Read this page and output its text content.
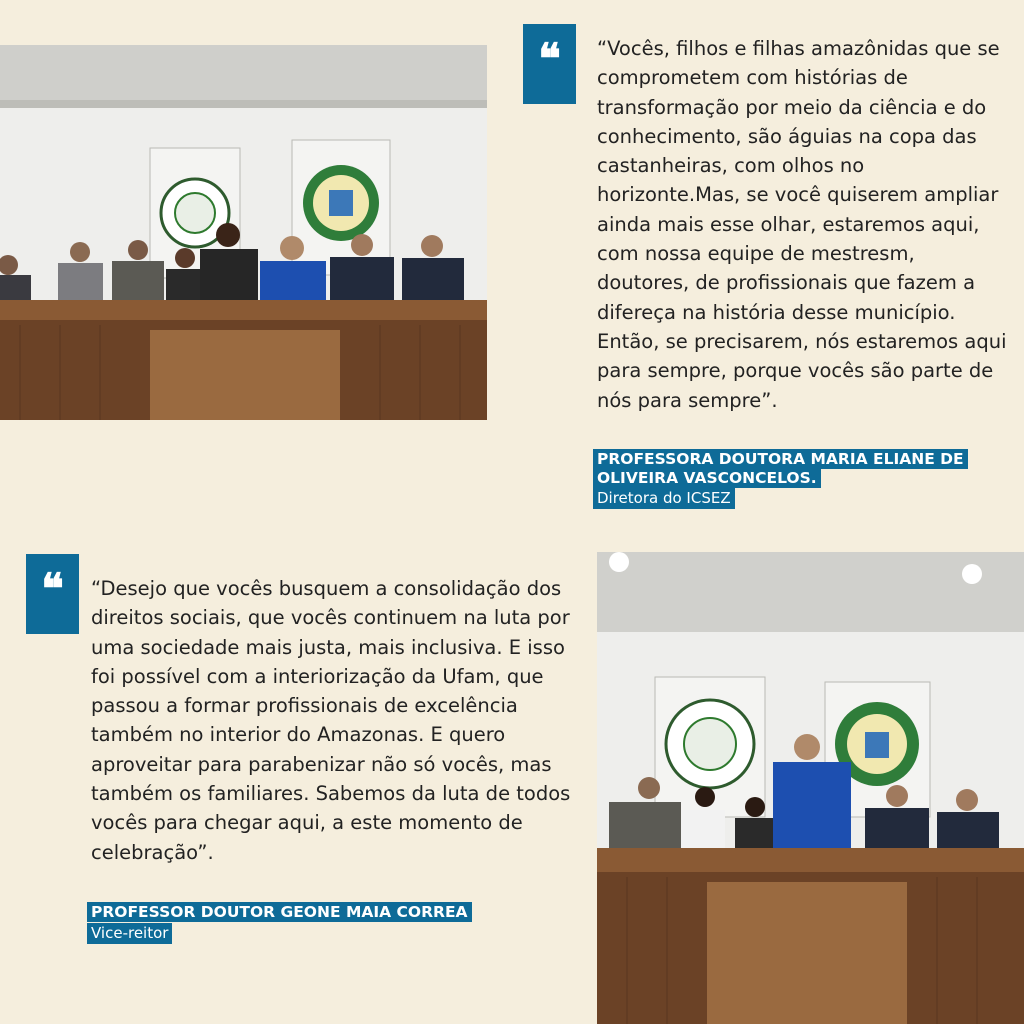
❝	“Vocês, filhos e filhas amazônidas que se comprometem com histórias de transformação por meio da ciência e do conhecimento, são águias na copa das castanheiras, com olhos no horizonte.Mas, se você quiserem ampliar ainda mais esse olhar, estaremos aqui, com nossa equipe de mestresm, doutores, de profissionais que fazem a difereça na história desse município. Então, se precisarem, nós estaremos aqui para sempre, porque vocês são parte de nós para sempre”.

PROFESSORA DOUTORA MARIA ELIANE DE OLIVEIRA VASCONCELOS.

Diretora do ICSEZ
❝	“Desejo que vocês busquem a consolidação dos direitos sociais, que vocês continuem na luta por uma sociedade mais justa, mais inclusiva. E isso foi possível com a interiorização da Ufam, que passou a formar profissionais de excelência também no interior do Amazonas. E quero aproveitar para parabenizar não só vocês, mas também os familiares. Sabemos da luta de todos vocês para chegar aqui, a este momento de celebração”.

PROFESSOR DOUTOR GEONE MAIA CORREA

Vice-reitor
